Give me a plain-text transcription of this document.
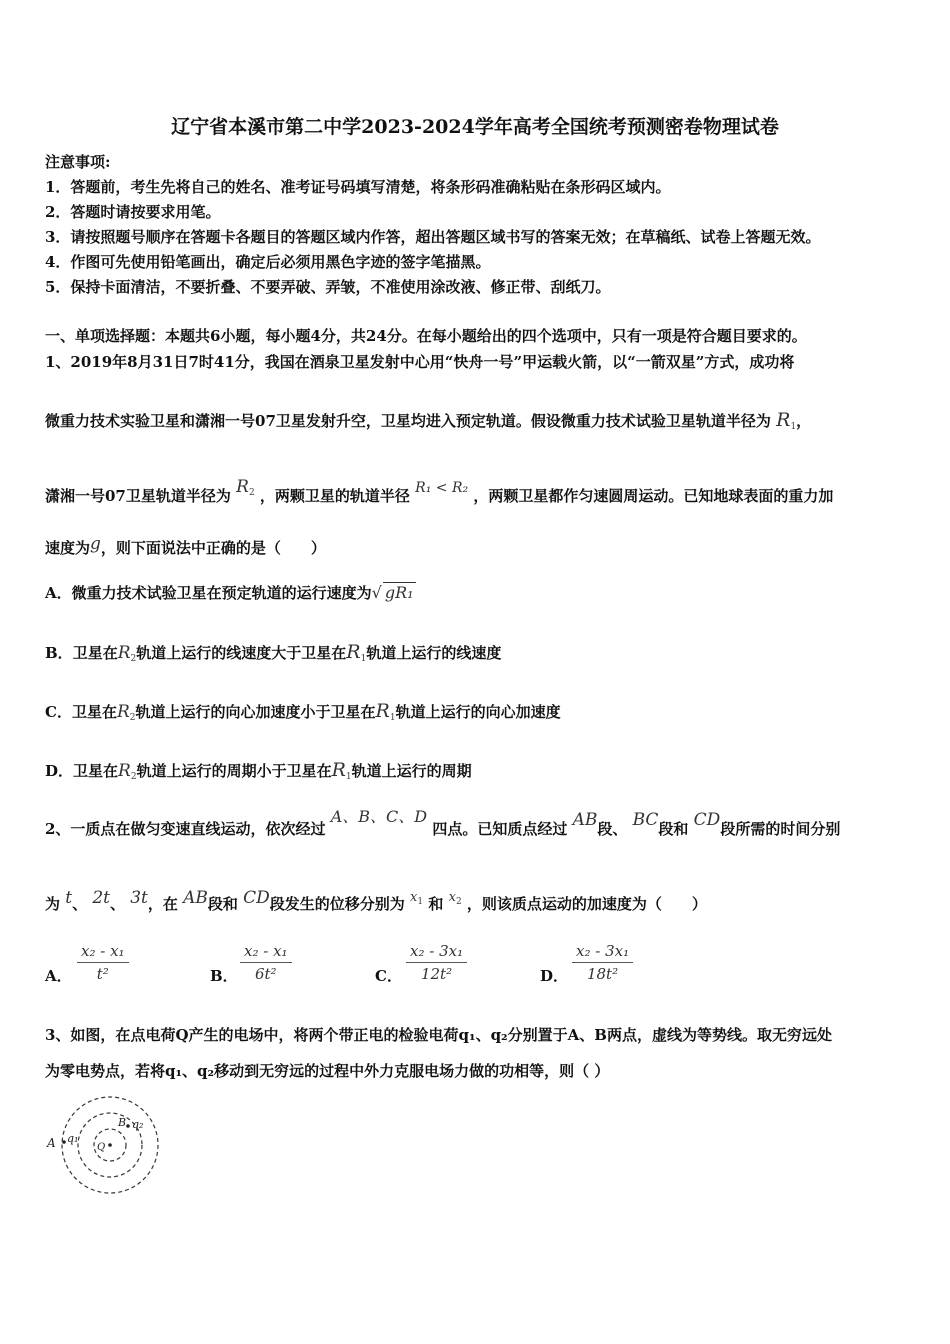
辽宁省本溪市第二中学2023-2024学年高考全国统考预测密卷物理试卷
注意事项:
1．答题前，考生先将自己的姓名、准考证号码填写清楚，将条形码准确粘贴在条形码区域内。
2．答题时请按要求用笔。
3．请按照题号顺序在答题卡各题目的答题区域内作答，超出答题区域书写的答案无效；在草稿纸、试卷上答题无效。
4．作图可先使用铅笔画出，确定后必须用黑色字迹的签字笔描黑。
5．保持卡面清洁，不要折叠、不要弄破、弄皱，不准使用涂改液、修正带、刮纸刀。
一、单项选择题：本题共6小题，每小题4分，共24分。在每小题给出的四个选项中，只有一项是符合题目要求的。
1、2019年8月31日7时41分，我国在酒泉卫星发射中心用“快舟一号”甲运载火箭，以“一箭双星”方式，成功将
微重力技术实验卫星和潇湘一号07卫星发射升空，卫星均进入预定轨道。假设微重力技术试验卫星轨道半径为 $R_1$，
潇湘一号07卫星轨道半径为 $R_2$ ，两颗卫星的轨道半径 R₁ < R₂ ，两颗卫星都作匀速圆周运动。已知地球表面的重力加
速度为g，则下面说法中正确的是（　　）
A．微重力技术试验卫星在预定轨道的运行速度为√ gR₁
B．卫星在$R_2$轨道上运行的线速度大于卫星在$R_1$轨道上运行的线速度
C．卫星在$R_2$轨道上运行的向心加速度小于卫星在$R_1$轨道上运行的向心加速度
D．卫星在$R_2$轨道上运行的周期小于卫星在$R_1$轨道上运行的周期
2、一质点在做匀变速直线运动，依次经过 A、B、C、D 四点。已知质点经过 AB段、 BC段和 CD段所需的时间分别
为 t、 2t、 3t，在 AB段和 CD段发生的位移分别为 $x_1$ 和 $x_2$ ，则该质点运动的加速度为（　　）
A． $\frac{\text{x₂ - x₁}}{\text{t²}}$	B． $\frac{\text{x₂ - x₁}}{\text{6t²}}$	C． $\frac{\text{x₂ - 3x₁}}{\text{12t²}}$	D． $\frac{\text{x₂ - 3x₁}}{\text{18t²}}$
3、如图，在点电荷Q产生的电场中，将两个带正电的检验电荷q₁、q₂分别置于A、B两点，虚线为等势线。取无穷远处
为零电势点，若将q₁、q₂移动到无穷远的过程中外力克服电场力做的功相等，则（ ）
Q
A q₁
B q₂
